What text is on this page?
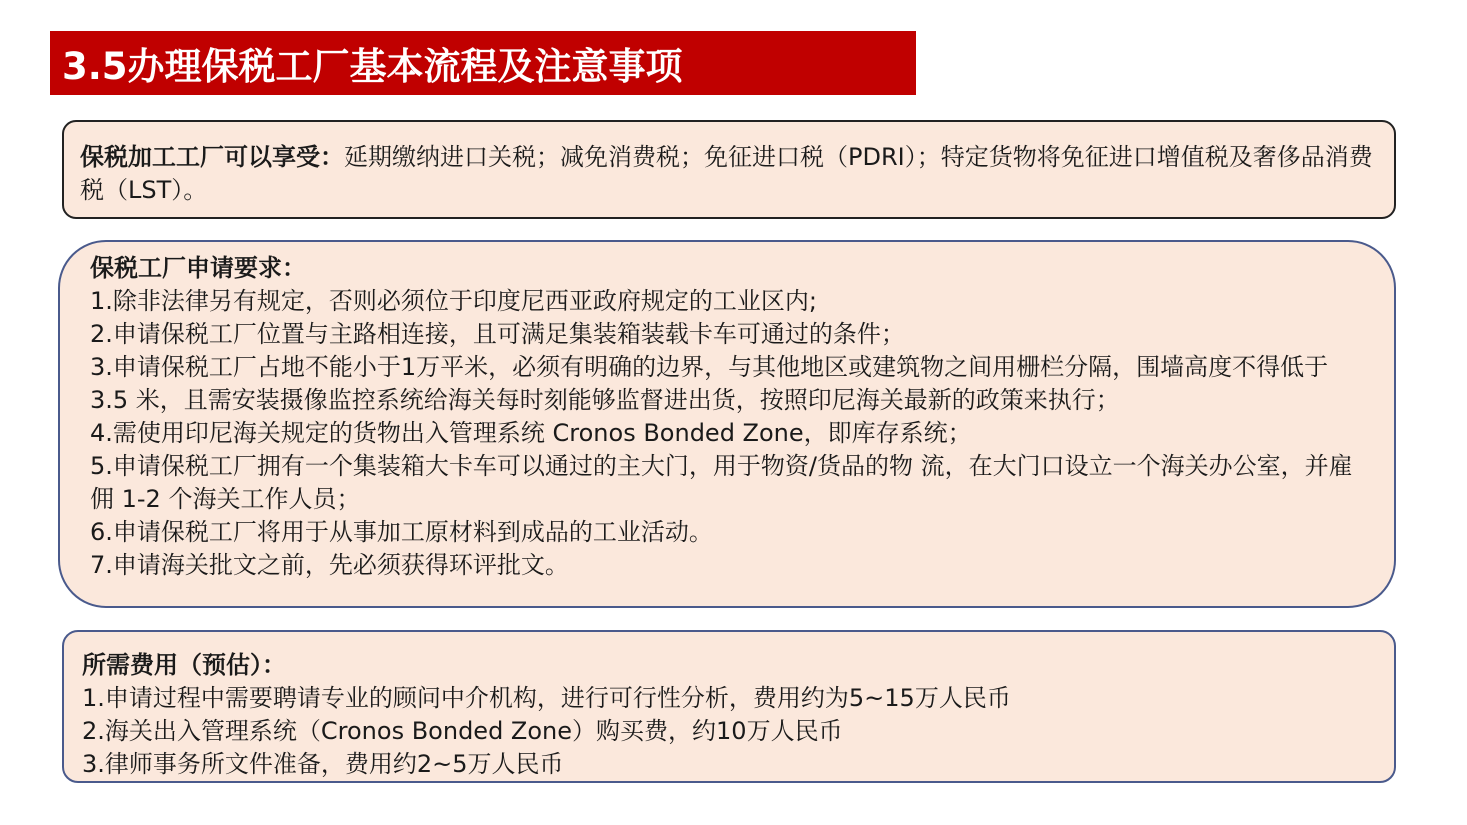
3.5办理保税工厂基本流程及注意事项

保税加工工厂可以享受：延期缴纳进口关税；减免消费税；免征进口税（PDRI）；特定货物将免征进口增值税及奢侈品消费税（LST）。

保税工厂申请要求：

1.除非法律另有规定，否则必须位于印度尼西亚政府规定的工业区内;

2.申请保税工厂位置与主路相连接，且可满足集装箱装载卡车可通过的条件；

3.申请保税工厂占地不能小于1万平米，必须有明确的边界，与其他地区或建筑物之间用栅栏分隔，围墙高度不得低于 3.5 米，且需安装摄像监控系统给海关每时刻能够监督进出货，按照印尼海关最新的政策来执行；

4.需使用印尼海关规定的货物出入管理系统 Cronos Bonded Zone，即库存系统；

5.申请保税工厂拥有一个集装箱大卡车可以通过的主大门，用于物资/货品的物 流，在大门口设立一个海关办公室，并雇佣 1-2 个海关工作人员；

6.申请保税工厂将用于从事加工原材料到成品的工业活动。

7.申请海关批文之前，先必须获得环评批文。

所需费用（预估）：

1.申请过程中需要聘请专业的顾问中介机构，进行可行性分析，费用约为5~15万人民币

2.海关出入管理系统（Cronos Bonded Zone）购买费，约10万人民币

3.律师事务所文件准备，费用约2~5万人民币
